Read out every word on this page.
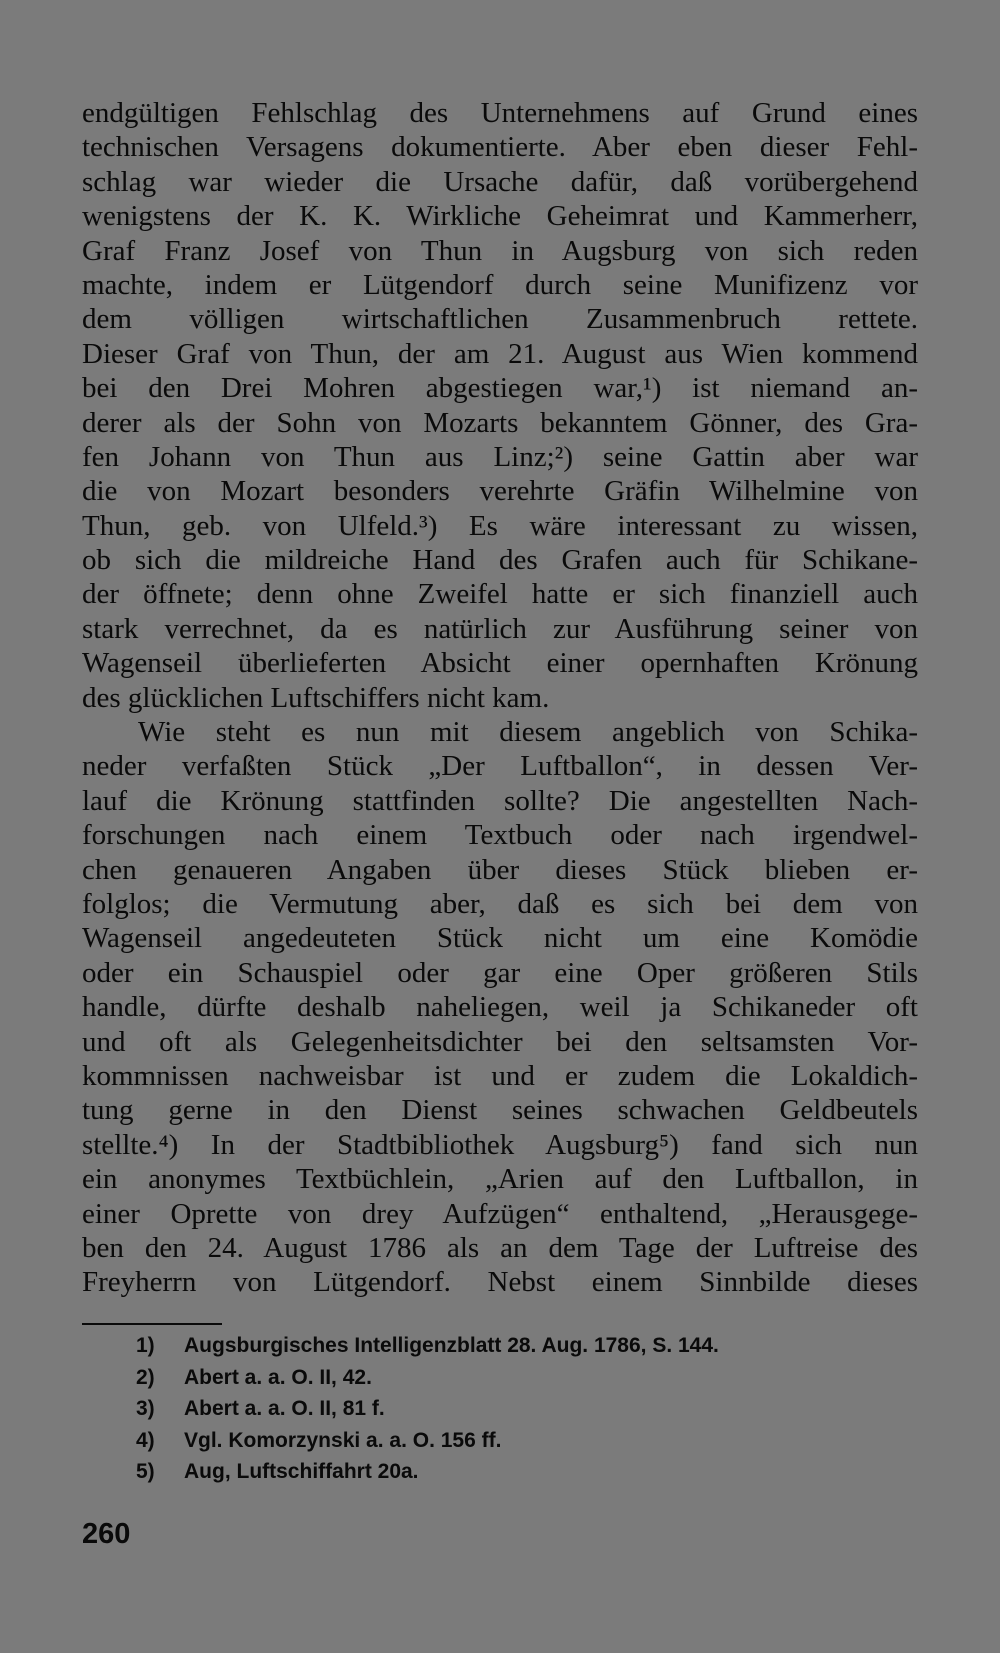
endgültigen Fehlschlag des Unternehmens auf Grund eines
technischen Versagens dokumentierte. Aber eben dieser Fehl-
schlag war wieder die Ursache dafür, daß vorübergehend
wenigstens der K. K. Wirkliche Geheimrat und Kammerherr,
Graf Franz Josef von Thun in Augsburg von sich reden
machte, indem er Lütgendorf durch seine Munifizenz vor
dem völligen wirtschaftlichen Zusammenbruch rettete.
Dieser Graf von Thun, der am 21. August aus Wien kommend
bei den Drei Mohren abgestiegen war,¹) ist niemand an-
derer als der Sohn von Mozarts bekanntem Gönner, des Gra-
fen Johann von Thun aus Linz;²) seine Gattin aber war
die von Mozart besonders verehrte Gräfin Wilhelmine von
Thun, geb. von Ulfeld.³) Es wäre interessant zu wissen,
ob sich die mildreiche Hand des Grafen auch für Schikane-
der öffnete; denn ohne Zweifel hatte er sich finanziell auch
stark verrechnet, da es natürlich zur Ausführung seiner von
Wagenseil überlieferten Absicht einer opernhaften Krönung
des glücklichen Luftschiffers nicht kam.
Wie steht es nun mit diesem angeblich von Schika-
neder verfaßten Stück „Der Luftballon“, in dessen Ver-
lauf die Krönung stattfinden sollte? Die angestellten Nach-
forschungen nach einem Textbuch oder nach irgendwel-
chen genaueren Angaben über dieses Stück blieben er-
folglos; die Vermutung aber, daß es sich bei dem von
Wagenseil angedeuteten Stück nicht um eine Komödie
oder ein Schauspiel oder gar eine Oper größeren Stils
handle, dürfte deshalb naheliegen, weil ja Schikaneder oft
und oft als Gelegenheitsdichter bei den seltsamsten Vor-
kommnissen nachweisbar ist und er zudem die Lokaldich-
tung gerne in den Dienst seines schwachen Geldbeutels
stellte.⁴) In der Stadtbibliothek Augsburg⁵) fand sich nun
ein anonymes Textbüchlein, „Arien auf den Luftballon, in
einer Oprette von drey Aufzügen“ enthaltend, „Herausgege-
ben den 24. August 1786 als an dem Tage der Luftreise des
Freyherrn von Lütgendorf. Nebst einem Sinnbilde dieses
1) Augsburgisches Intelligenzblatt 28. Aug. 1786, S. 144.
2) Abert a. a. O. II, 42.
3) Abert a. a. O. II, 81 f.
4) Vgl. Komorzynski a. a. O. 156 ff.
5) Aug, Luftschiffahrt 20a.
260
